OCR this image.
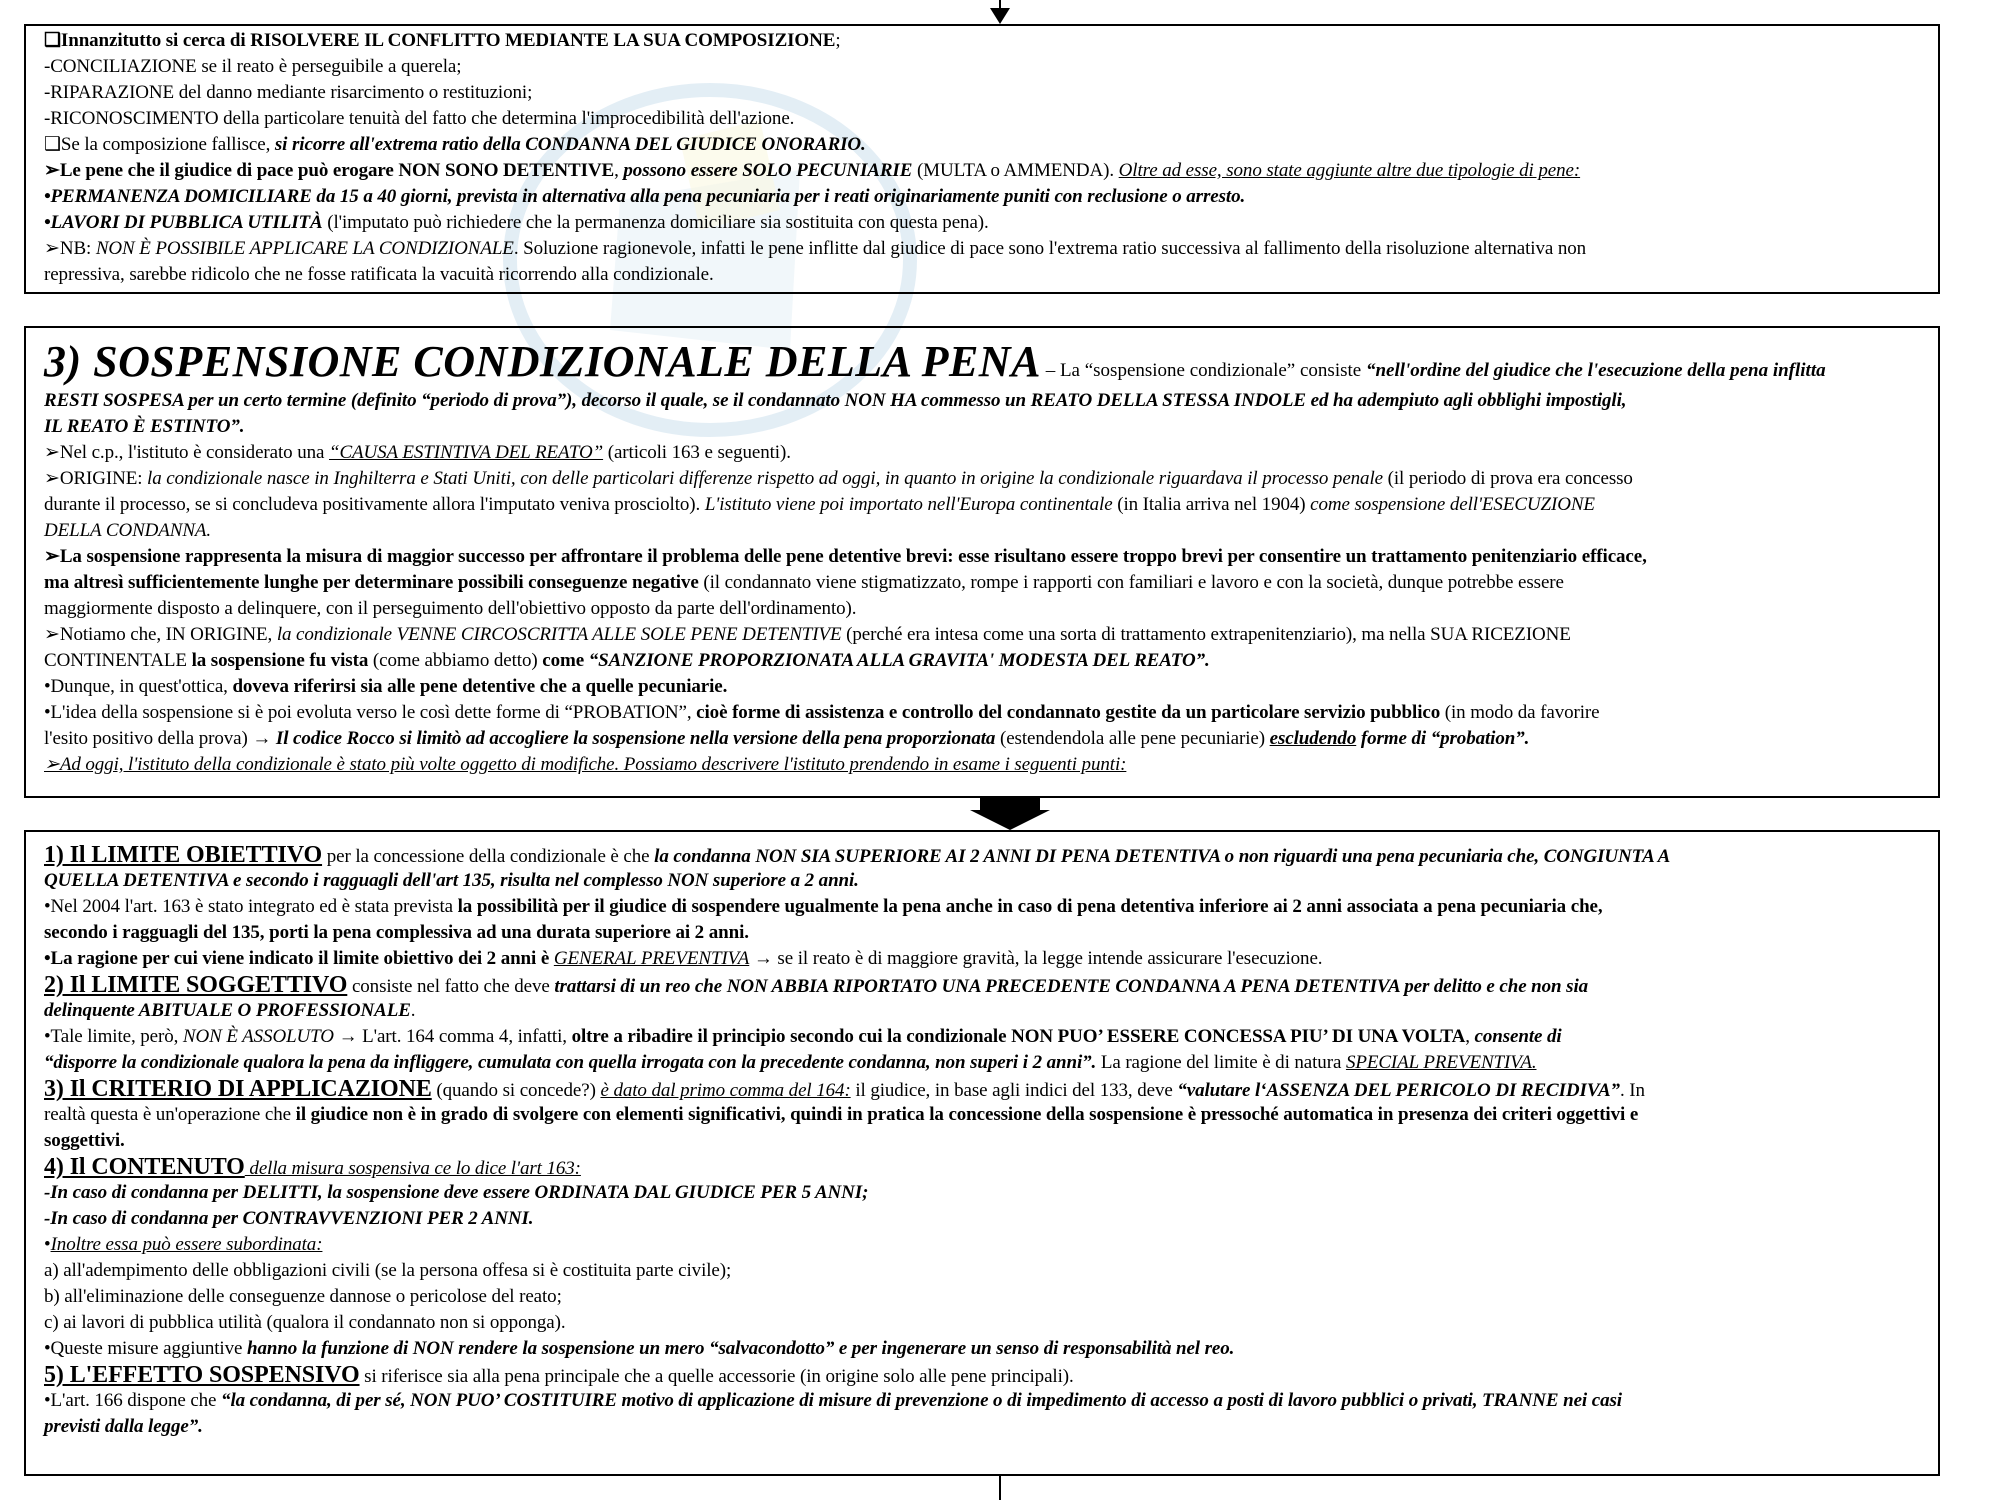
❑Innanzitutto si cerca di RISOLVERE IL CONFLITTO MEDIANTE LA SUA COMPOSIZIONE;
-CONCILIAZIONE se il reato è perseguibile a querela;
-RIPARAZIONE del danno mediante risarcimento o restituzioni;
-RICONOSCIMENTO della particolare tenuità del fatto che determina l'improcedibilità dell'azione.
❑Se la composizione fallisce, si ricorre all'extrema ratio della CONDANNA DEL GIUDICE ONORARIO.
➢Le pene che il giudice di pace può erogare NON SONO DETENTIVE, possono essere SOLO PECUNIARIE (MULTA o AMMENDA). Oltre ad esse, sono state aggiunte altre due tipologie di pene:
•PERMANENZA DOMICILIARE da 15 a 40 giorni, prevista in alternativa alla pena pecuniaria per i reati originariamente puniti con reclusione o arresto.
•LAVORI DI PUBBLICA UTILITÀ (l'imputato può richiedere che la permanenza domiciliare sia sostituita con questa pena).
➢NB: NON È POSSIBILE APPLICARE LA CONDIZIONALE. Soluzione ragionevole, infatti le pene inflitte dal giudice di pace sono l'extrema ratio successiva al fallimento della risoluzione alternativa non
repressiva, sarebbe ridicolo che ne fosse ratificata la vacuità ricorrendo alla condizionale.
3) SOSPENSIONE CONDIZIONALE DELLA PENA – La “sospensione condizionale” consiste “nell'ordine del giudice che l'esecuzione della pena inflitta
RESTI SOSPESA per un certo termine (definito “periodo di prova”), decorso il quale, se il condannato NON HA commesso un REATO DELLA STESSA INDOLE ed ha adempiuto agli obblighi impostigli,
IL REATO È ESTINTO”.
➢Nel c.p., l'istituto è considerato una “CAUSA ESTINTIVA DEL REATO” (articoli 163 e seguenti).
➢ORIGINE: la condizionale nasce in Inghilterra e Stati Uniti, con delle particolari differenze rispetto ad oggi, in quanto in origine la condizionale riguardava il processo penale (il periodo di prova era concesso
durante il processo, se si concludeva positivamente allora l'imputato veniva prosciolto). L'istituto viene poi importato nell'Europa continentale (in Italia arriva nel 1904) come sospensione dell'ESECUZIONE
DELLA CONDANNA.
➢La sospensione rappresenta la misura di maggior successo per affrontare il problema delle pene detentive brevi: esse risultano essere troppo brevi per consentire un trattamento penitenziario efficace,
ma altresì sufficientemente lunghe per determinare possibili conseguenze negative (il condannato viene stigmatizzato, rompe i rapporti con familiari e lavoro e con la società, dunque potrebbe essere
maggiormente disposto a delinquere, con il perseguimento dell'obiettivo opposto da parte dell'ordinamento).
➢Notiamo che, IN ORIGINE, la condizionale VENNE CIRCOSCRITTA ALLE SOLE PENE DETENTIVE (perché era intesa come una sorta di trattamento extrapenitenziario), ma nella SUA RICEZIONE
CONTINENTALE la sospensione fu vista (come abbiamo detto) come “SANZIONE PROPORZIONATA ALLA GRAVITA' MODESTA DEL REATO”.
•Dunque, in quest'ottica, doveva riferirsi sia alle pene detentive che a quelle pecuniarie.
•L'idea della sospensione si è poi evoluta verso le così dette forme di “PROBATION”, cioè forme di assistenza e controllo del condannato gestite da un particolare servizio pubblico (in modo da favorire
l'esito positivo della prova) → Il codice Rocco si limitò ad accogliere la sospensione nella versione della pena proporzionata (estendendola alle pene pecuniarie) escludendo forme di “probation”.
➢Ad oggi, l'istituto della condizionale è stato più volte oggetto di modifiche. Possiamo descrivere l'istituto prendendo in esame i seguenti punti:
1) Il LIMITE OBIETTIVO per la concessione della condizionale è che la condanna NON SIA SUPERIORE AI 2 ANNI DI PENA DETENTIVA o non riguardi una pena pecuniaria che, CONGIUNTA A
QUELLA DETENTIVA e secondo i ragguagli dell'art 135, risulta nel complesso NON superiore a 2 anni.
•Nel 2004 l'art. 163 è stato integrato ed è stata prevista la possibilità per il giudice di sospendere ugualmente la pena anche in caso di pena detentiva inferiore ai 2 anni associata a pena pecuniaria che,
secondo i ragguagli del 135, porti la pena complessiva ad una durata superiore ai 2 anni.
•La ragione per cui viene indicato il limite obiettivo dei 2 anni è GENERAL PREVENTIVA → se il reato è di maggiore gravità, la legge intende assicurare l'esecuzione.
2) Il LIMITE SOGGETTIVO consiste nel fatto che deve trattarsi di un reo che NON ABBIA RIPORTATO UNA PRECEDENTE CONDANNA A PENA DETENTIVA per delitto e che non sia
delinquente ABITUALE O PROFESSIONALE.
•Tale limite, però, NON È ASSOLUTO → L'art. 164 comma 4, infatti, oltre a ribadire il principio secondo cui la condizionale NON PUO’ ESSERE CONCESSA PIU’ DI UNA VOLTA, consente di
“disporre la condizionale qualora la pena da infliggere, cumulata con quella irrogata con la precedente condanna, non superi i 2 anni”. La ragione del limite è di natura SPECIAL PREVENTIVA.
3) Il CRITERIO DI APPLICAZIONE (quando si concede?) è dato dal primo comma del 164: il giudice, in base agli indici del 133, deve “valutare l‘ASSENZA DEL PERICOLO DI RECIDIVA”. In
realtà questa è un'operazione che il giudice non è in grado di svolgere con elementi significativi, quindi in pratica la concessione della sospensione è pressoché automatica in presenza dei criteri oggettivi e
soggettivi.
4) Il CONTENUTO della misura sospensiva ce lo dice l'art 163:
-In caso di condanna per DELITTI, la sospensione deve essere ORDINATA DAL GIUDICE PER 5 ANNI;
-In caso di condanna per CONTRAVVENZIONI PER 2 ANNI.
•Inoltre essa può essere subordinata:
a) all'adempimento delle obbligazioni civili (se la persona offesa si è costituita parte civile);
b) all'eliminazione delle conseguenze dannose o pericolose del reato;
c) ai lavori di pubblica utilità (qualora il condannato non si opponga).
•Queste misure aggiuntive hanno la funzione di NON rendere la sospensione un mero “salvacondotto” e per ingenerare un senso di responsabilità nel reo.
5) L'EFFETTO SOSPENSIVO si riferisce sia alla pena principale che a quelle accessorie (in origine solo alle pene principali).
•L'art. 166 dispone che “la condanna, di per sé, NON PUO’ COSTITUIRE motivo di applicazione di misure di prevenzione o di impedimento di accesso a posti di lavoro pubblici o privati, TRANNE nei casi
previsti dalla legge”.
